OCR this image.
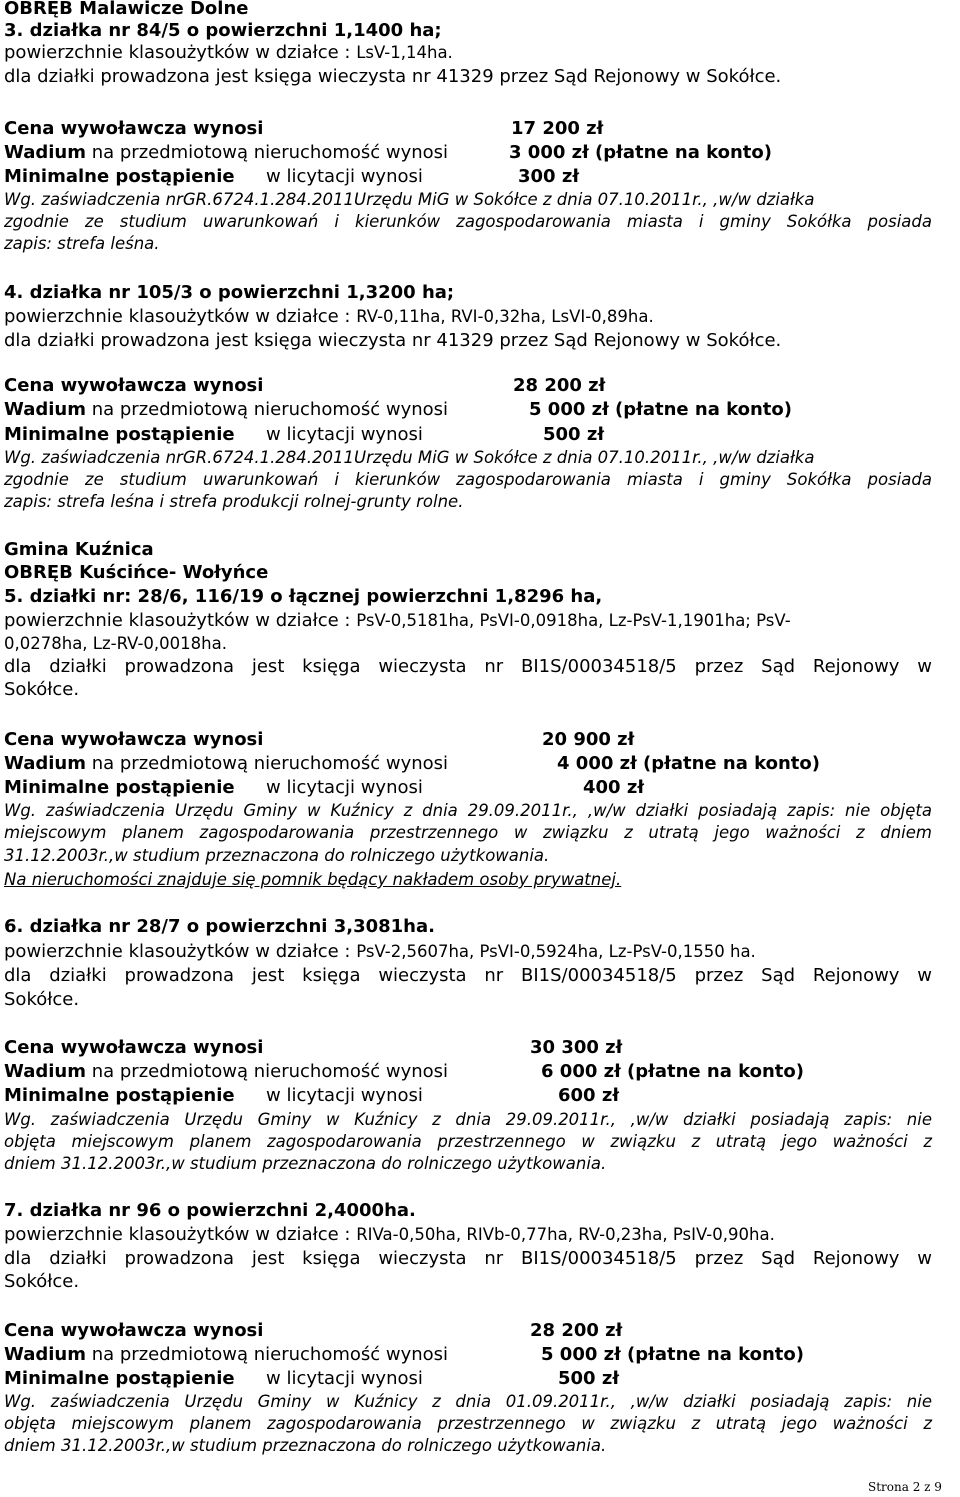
OBRĘB Malawicze Dolne
3. działka nr 84/5 o powierzchni 1,1400 ha;
powierzchnie klasoużytków w działce : LsV-1,14ha.
dla działki prowadzona jest księga wieczysta nr 41329 przez Sąd Rejonowy w Sokółce.
Cena wywoławcza wynosi	17 200 zł
Wadium na przedmiotową nieruchomość wynosi	3 000 zł (płatne na konto)
Minimalne postąpienie w licytacji wynosi	300 zł
Wg. zaświadczenia nrGR.6724.1.284.2011Urzędu MiG w Sokółce z dnia 07.10.2011r., ,w/w działka
zgodnie ze studium uwarunkowań i kierunków zagospodarowania miasta i gminy Sokółka posiada
zapis: strefa leśna.
4. działka nr 105/3 o powierzchni 1,3200 ha;
powierzchnie klasoużytków w działce : RV-0,11ha, RVI-0,32ha, LsVI-0,89ha.
dla działki prowadzona jest księga wieczysta nr 41329 przez Sąd Rejonowy w Sokółce.
Cena wywoławcza wynosi	28 200 zł
Wadium na przedmiotową nieruchomość wynosi	5 000 zł (płatne na konto)
Minimalne postąpienie w licytacji wynosi	500 zł
Wg. zaświadczenia nrGR.6724.1.284.2011Urzędu MiG w Sokółce z dnia 07.10.2011r., ,w/w działka
zgodnie ze studium uwarunkowań i kierunków zagospodarowania miasta i gminy Sokółka posiada
zapis: strefa leśna i strefa produkcji rolnej-grunty rolne.
Gmina Kuźnica
OBRĘB Kuścińce- Wołyńce
5. działki nr: 28/6, 116/19 o łącznej powierzchni 1,8296 ha,
powierzchnie klasoużytków w działce : PsV-0,5181ha, PsVI-0,0918ha, Lz-PsV-1,1901ha; PsV-
0,0278ha, Lz-RV-0,0018ha.
dla działki prowadzona jest księga wieczysta nr BI1S/00034518/5 przez Sąd Rejonowy w
Sokółce.
Cena wywoławcza wynosi	20 900 zł
Wadium na przedmiotową nieruchomość wynosi	4 000 zł (płatne na konto)
Minimalne postąpienie w licytacji wynosi	400 zł
Wg. zaświadczenia Urzędu Gminy w Kuźnicy z dnia 29.09.2011r., ,w/w działki posiadają zapis: nie objęta
miejscowym planem zagospodarowania przestrzennego w związku z utratą jego ważności z dniem
31.12.2003r.,w studium przeznaczona do rolniczego użytkowania.
Na nieruchomości znajduje się pomnik będący nakładem osoby prywatnej.
6. działka nr 28/7 o powierzchni 3,3081ha.
powierzchnie klasoużytków w działce : PsV-2,5607ha, PsVI-0,5924ha, Lz-PsV-0,1550 ha.
dla działki prowadzona jest księga wieczysta nr BI1S/00034518/5 przez Sąd Rejonowy w
Sokółce.
Cena wywoławcza wynosi	30 300 zł
Wadium na przedmiotową nieruchomość wynosi	6 000 zł (płatne na konto)
Minimalne postąpienie w licytacji wynosi	600 zł
Wg. zaświadczenia Urzędu Gminy w Kuźnicy z dnia 29.09.2011r., ,w/w działki posiadają zapis: nie
objęta miejscowym planem zagospodarowania przestrzennego w związku z utratą jego ważności z
dniem 31.12.2003r.,w studium przeznaczona do rolniczego użytkowania.
7. działka nr 96 o powierzchni 2,4000ha.
powierzchnie klasoużytków w działce : RIVa-0,50ha, RIVb-0,77ha, RV-0,23ha, PsIV-0,90ha.
dla działki prowadzona jest księga wieczysta nr BI1S/00034518/5 przez Sąd Rejonowy w
Sokółce.
Cena wywoławcza wynosi	28 200 zł
Wadium na przedmiotową nieruchomość wynosi	5 000 zł (płatne na konto)
Minimalne postąpienie w licytacji wynosi	500 zł
Wg. zaświadczenia Urzędu Gminy w Kuźnicy z dnia 01.09.2011r., ,w/w działki posiadają zapis: nie
objęta miejscowym planem zagospodarowania przestrzennego w związku z utratą jego ważności z
dniem 31.12.2003r.,w studium przeznaczona do rolniczego użytkowania.
Strona 2 z 9
